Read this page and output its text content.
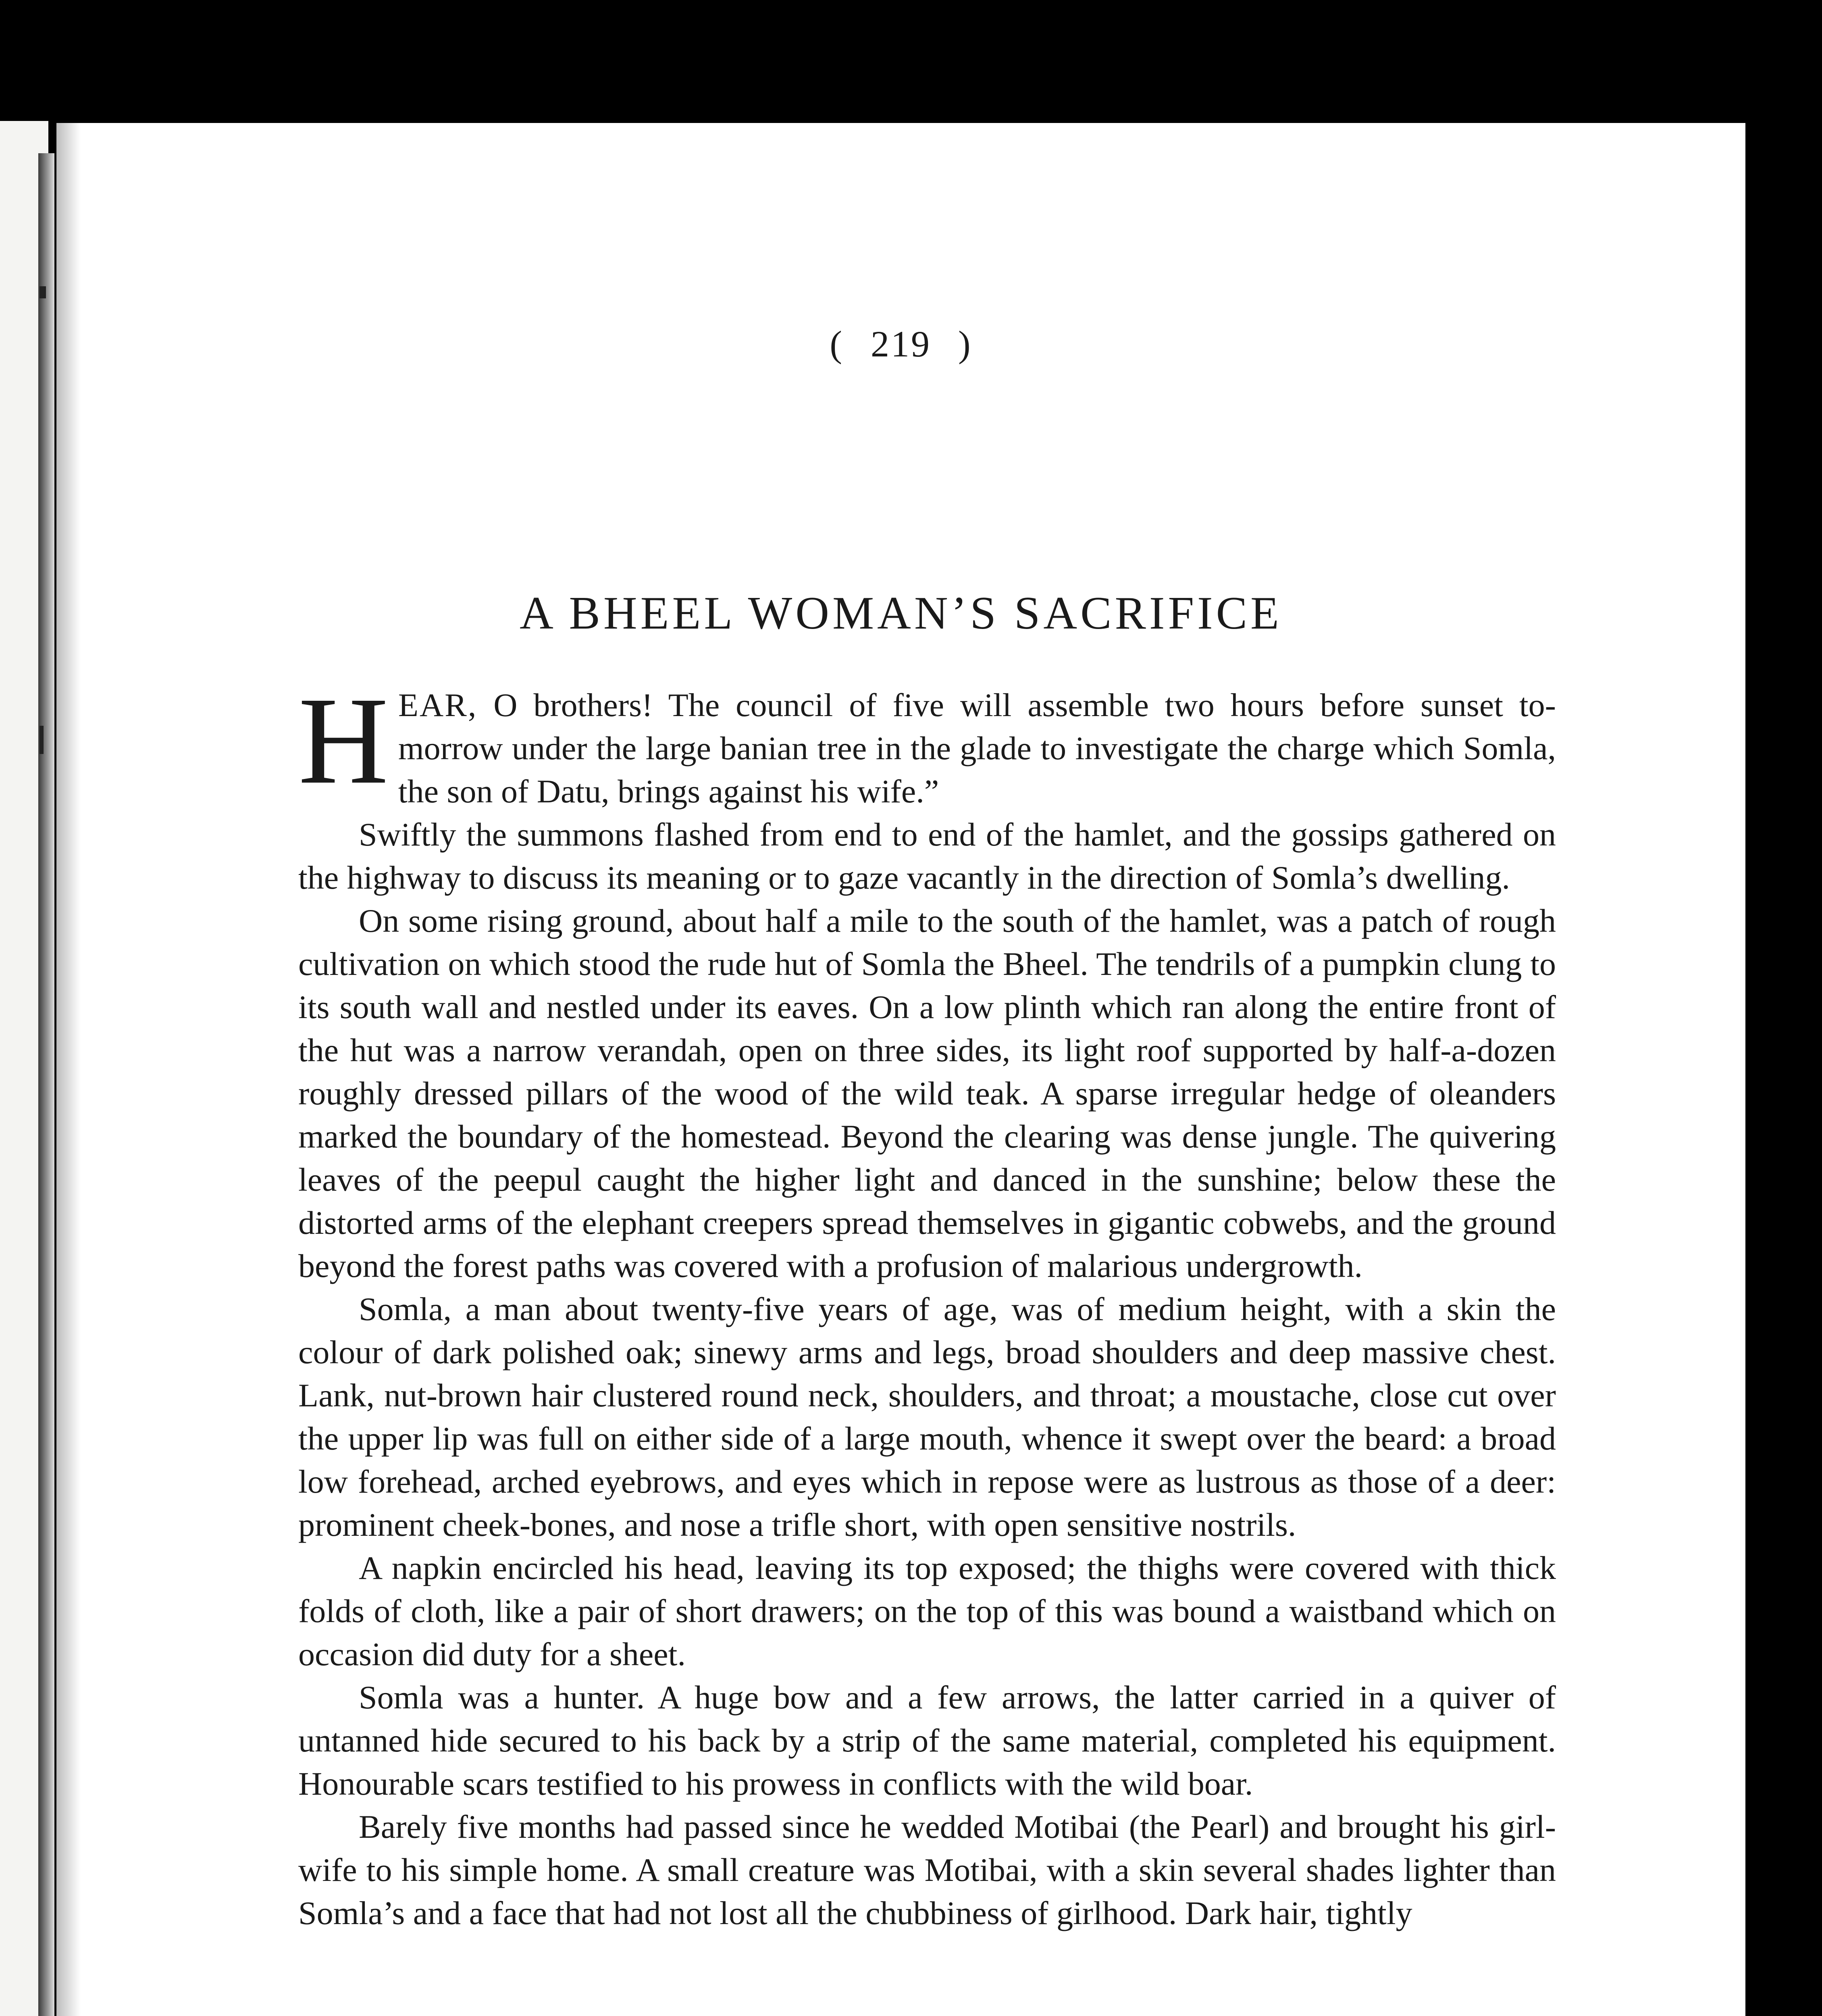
( 219 )
A BHEEL WOMAN’S SACRIFICE

HEAR, O brothers! The council of five will assemble two hours before sunset to-morrow under the large banian tree in the glade to investigate the charge which Somla, the son of Datu, brings against his wife.”

Swiftly the summons flashed from end to end of the hamlet, and the gossips gathered on the highway to discuss its meaning or to gaze vacantly in the direction of Somla’s dwelling.

On some rising ground, about half a mile to the south of the hamlet, was a patch of rough cultivation on which stood the rude hut of Somla the Bheel. The tendrils of a pumpkin clung to its south wall and nestled under its eaves. On a low plinth which ran along the entire front of the hut was a narrow verandah, open on three sides, its light roof supported by half-a-dozen roughly dressed pillars of the wood of the wild teak. A sparse irregular hedge of oleanders marked the boundary of the homestead. Beyond the clearing was dense jungle. The quivering leaves of the peepul caught the higher light and danced in the sunshine; below these the distorted arms of the elephant creepers spread themselves in gigantic cobwebs, and the ground beyond the forest paths was covered with a profusion of malarious undergrowth.

Somla, a man about twenty-five years of age, was of medium height, with a skin the colour of dark polished oak; sinewy arms and legs, broad shoulders and deep massive chest. Lank, nut-brown hair clustered round neck, shoulders, and throat; a moustache, close cut over the upper lip was full on either side of a large mouth, whence it swept over the beard: a broad low forehead, arched eyebrows, and eyes which in repose were as lustrous as those of a deer: prominent cheek-bones, and nose a trifle short, with open sensitive nostrils.

A napkin encircled his head, leaving its top exposed; the thighs were covered with thick folds of cloth, like a pair of short drawers; on the top of this was bound a waistband which on occasion did duty for a sheet.

Somla was a hunter. A huge bow and a few arrows, the latter carried in a quiver of untanned hide secured to his back by a strip of the same material, completed his equipment. Honourable scars testified to his prowess in conflicts with the wild boar.

Barely five months had passed since he wedded Motibai (the Pearl) and brought his girl-wife to his simple home. A small creature was Motibai, with a skin several shades lighter than Somla’s and a face that had not lost all the chubbiness of girlhood. Dark hair, tightly
